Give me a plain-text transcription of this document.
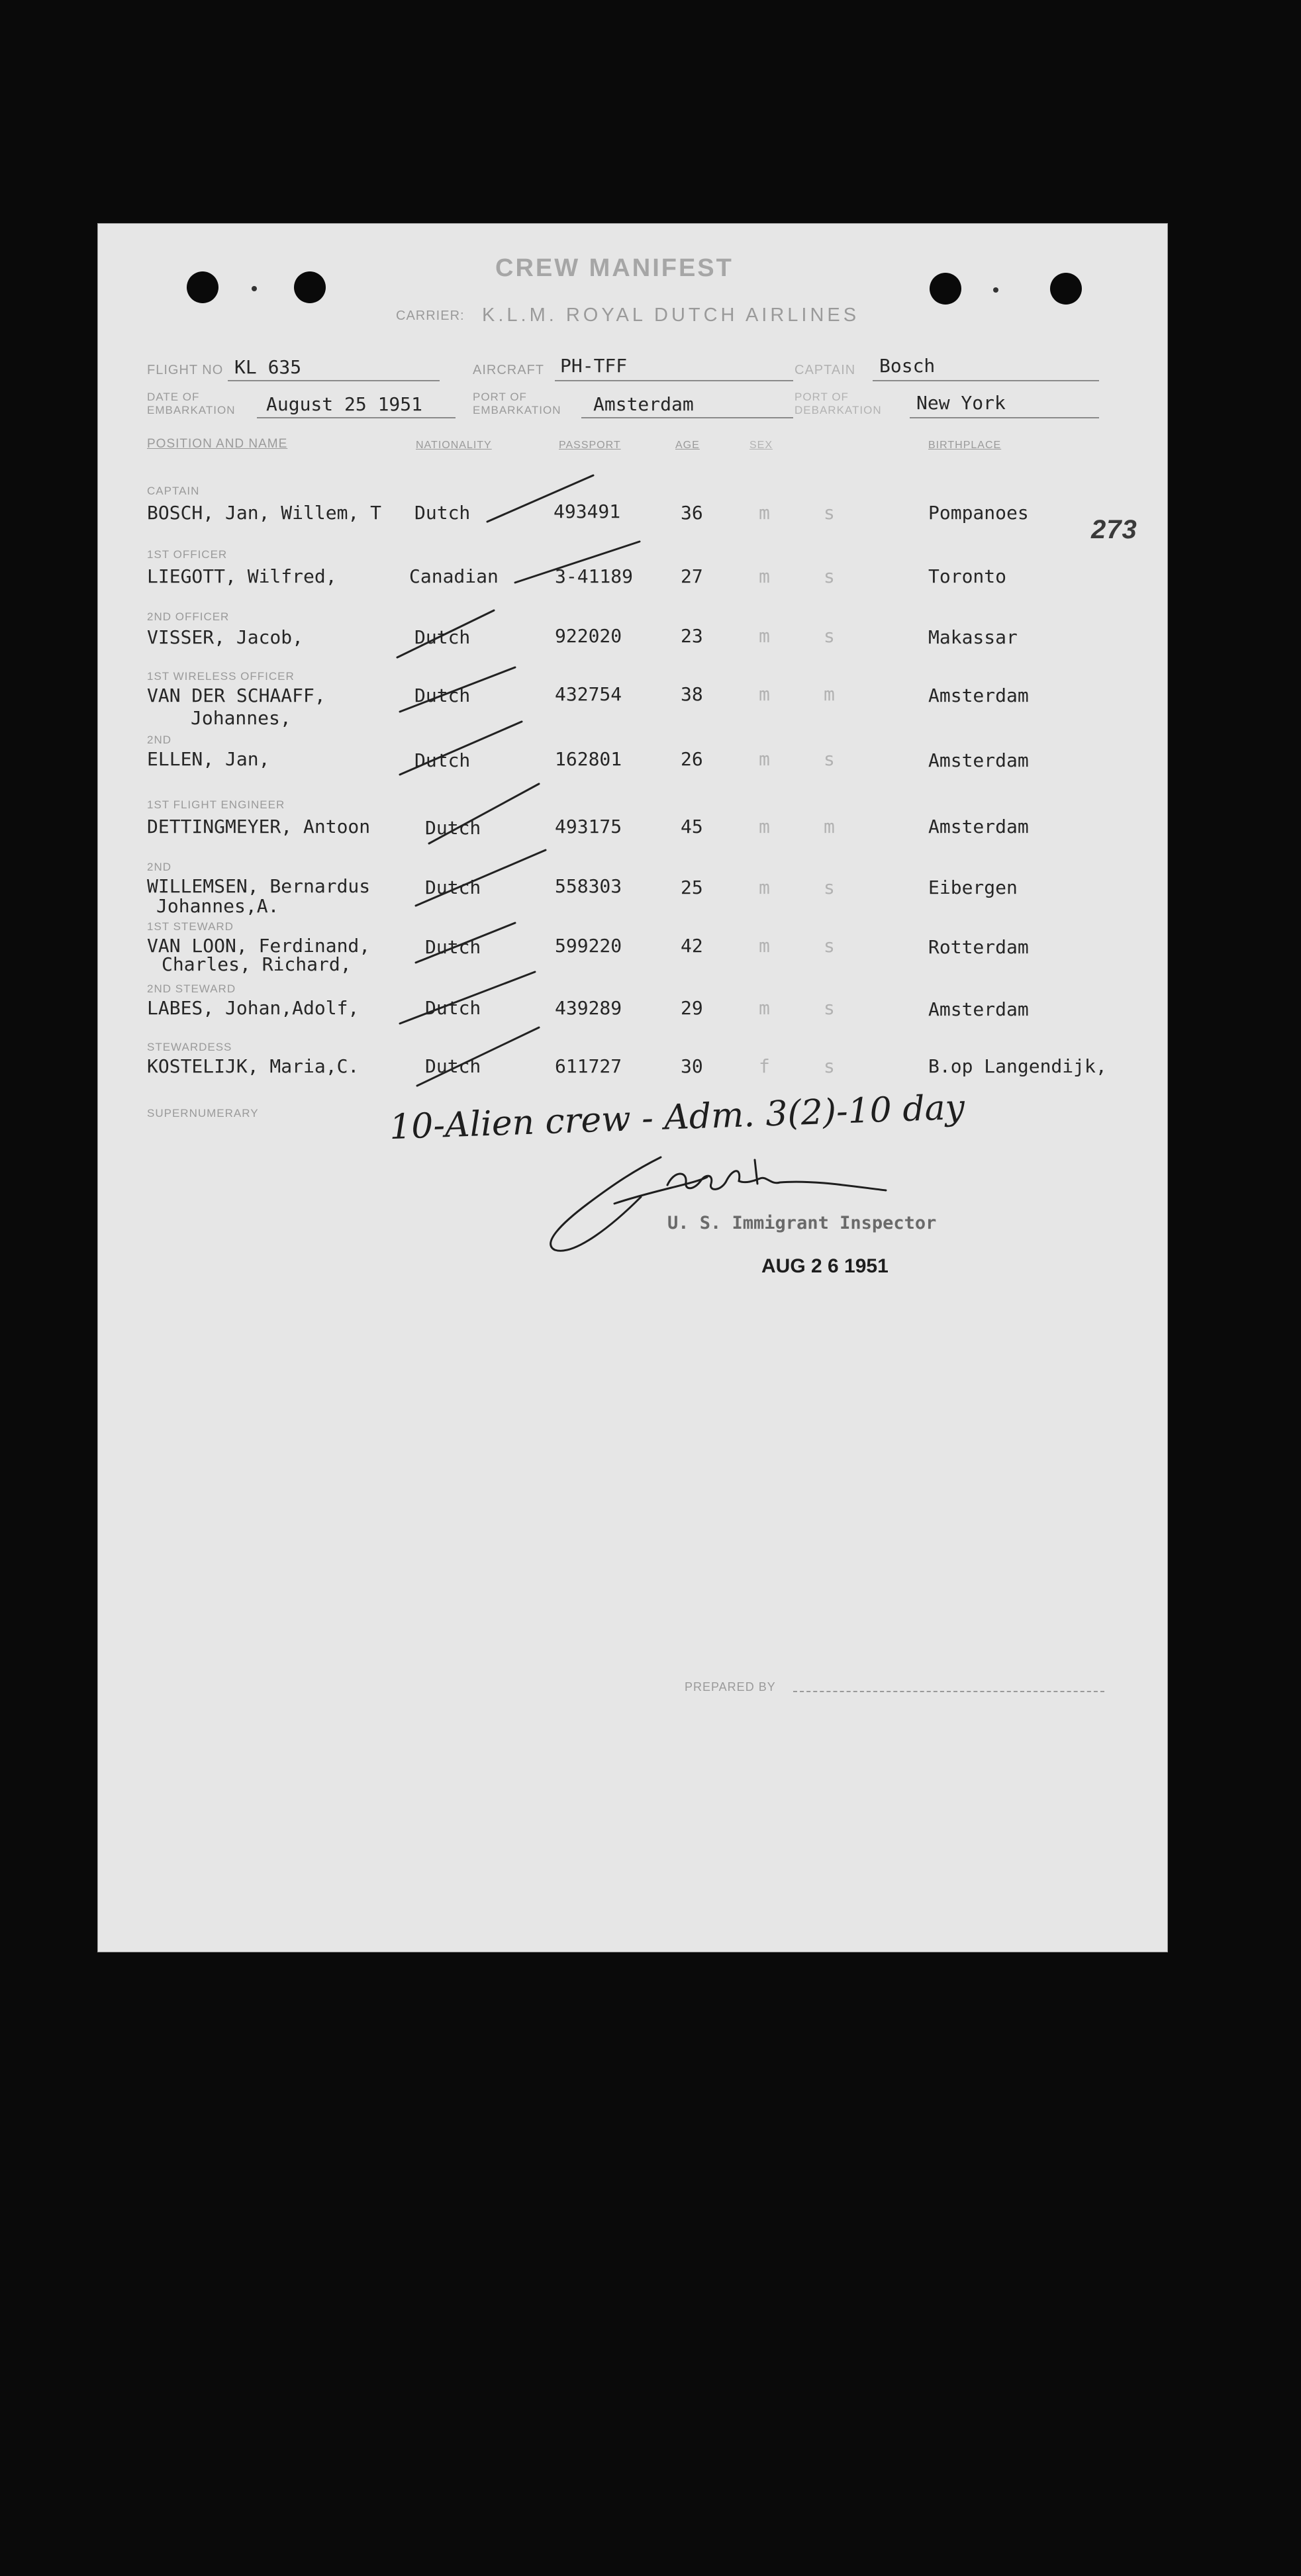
CREW MANIFEST
CARRIER: K.L.M. ROYAL DUTCH AIRLINES
FLIGHT NO KL 635	AIRCRAFT PH-TFF	CAPTAIN Bosch
DATE OF
EMBARKATION August 25 1951	PORT OF
EMBARKATION Amsterdam	PORT OF
DEBARKATION New York
POSITION AND NAME	NATIONALITY	PASSPORT	AGE	SEX	BIRTHPLACE
273
CAPTAIN
BOSCH, Jan, Willem, T Dutch	493491	36	m	s	Pompanoes
1ST OFFICER
LIEGOTT, Wilfred,	Canadian	3-41189	27	m	s	Toronto
2ND OFFICER
VISSER, Jacob,	Dutch	922020	23	m	s	Makassar
1ST WIRELESS OFFICER
VAN DER SCHAAFF,
Johannes,
Dutch	432754	38	m	m	Amsterdam
2ND
ELLEN, Jan,	Dutch	162801	26	m	s	Amsterdam
1ST FLIGHT ENGINEER
DETTINGMEYER, Antoon	Dutch	493175	45	m	m	Amsterdam
2ND
WILLEMSEN, Bernardus
Johannes,A.
Dutch	558303	25	m	s	Eibergen
1ST STEWARD
VAN LOON, Ferdinand,
Charles, Richard,
Dutch	599220	42	m	s	Rotterdam
2ND STEWARD
LABES, Johan,Adolf,	Dutch	439289	29	m	s	Amsterdam
STEWARDESS
KOSTELIJK, Maria,C.	Dutch	611727	30	f	s	B.op Langendijk,
SUPERNUMERARY	10-Alien crew - Adm. 3(2)-10 day
U. S. Immigrant Inspector
AUG 2 6 1951
PREPARED BY
